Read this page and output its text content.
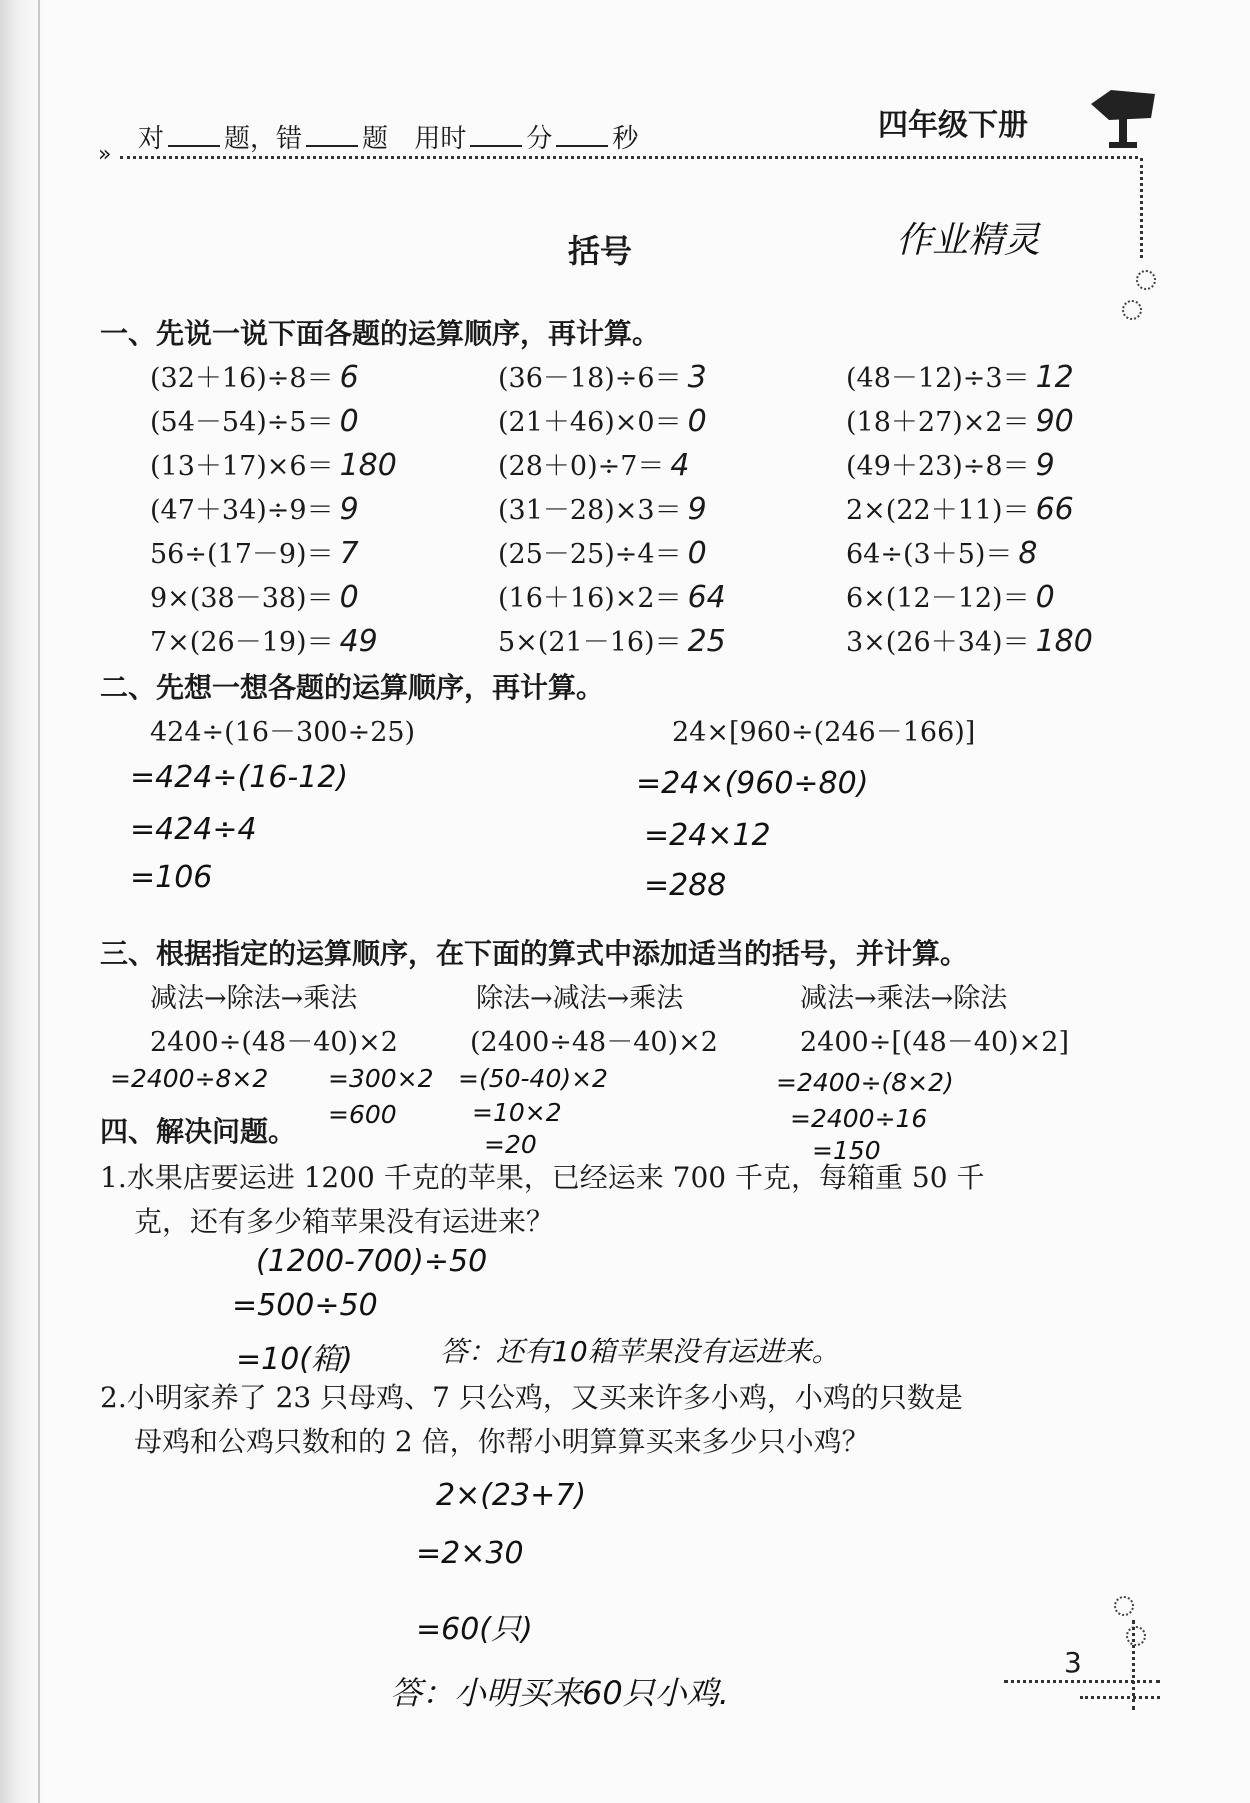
对 题，错 题 用时 分 秒
»
四年级下册
括号	作业精灵
一、先说一说下面各题的运算顺序，再计算。
(32＋16)÷8＝ 6	(36－18)÷6＝ 3	(48－12)÷3＝ 12
(54－54)÷5＝ 0	(21＋46)×0＝ 0	(18＋27)×2＝ 90
(13＋17)×6＝ 180	(28＋0)÷7＝ 4	(49＋23)÷8＝ 9
(47＋34)÷9＝ 9	(31－28)×3＝ 9	2×(22＋11)＝ 66
56÷(17－9)＝ 7	(25－25)÷4＝ 0	64÷(3＋5)＝ 8
9×(38－38)＝ 0	(16＋16)×2＝ 64	6×(12－12)＝ 0
7×(26－19)＝ 49	5×(21－16)＝ 25	3×(26＋34)＝ 180
二、先想一想各题的运算顺序，再计算。
424÷(16－300÷25)	24×[960÷(246－166)]
=424÷(16-12)
=424÷4
=106
=24×(960÷80)
=24×12
=288
三、根据指定的运算顺序，在下面的算式中添加适当的括号，并计算。
减法→除法→乘法	除法→减法→乘法	减法→乘法→除法
2400÷(48－40)×2	(2400÷48－40)×2	2400÷[(48－40)×2]
=2400÷8×2 =300×2
=600
=(50-40)×2
=10×2
=20
=2400÷(8×2)
=2400÷16
=150
四、解决问题。
1.水果店要运进 1200 千克的苹果，已经运来 700 千克，每箱重 50 千
克，还有多少箱苹果没有运进来？
(1200-700)÷50
=500÷50
=10(箱)	答：还有10箱苹果没有运进来。
2.小明家养了 23 只母鸡、7 只公鸡，又买来许多小鸡，小鸡的只数是
母鸡和公鸡只数和的 2 倍，你帮小明算算买来多少只小鸡？
2×(23+7)
=2×30
=60(只)
答：小明买来60只小鸡.
3
